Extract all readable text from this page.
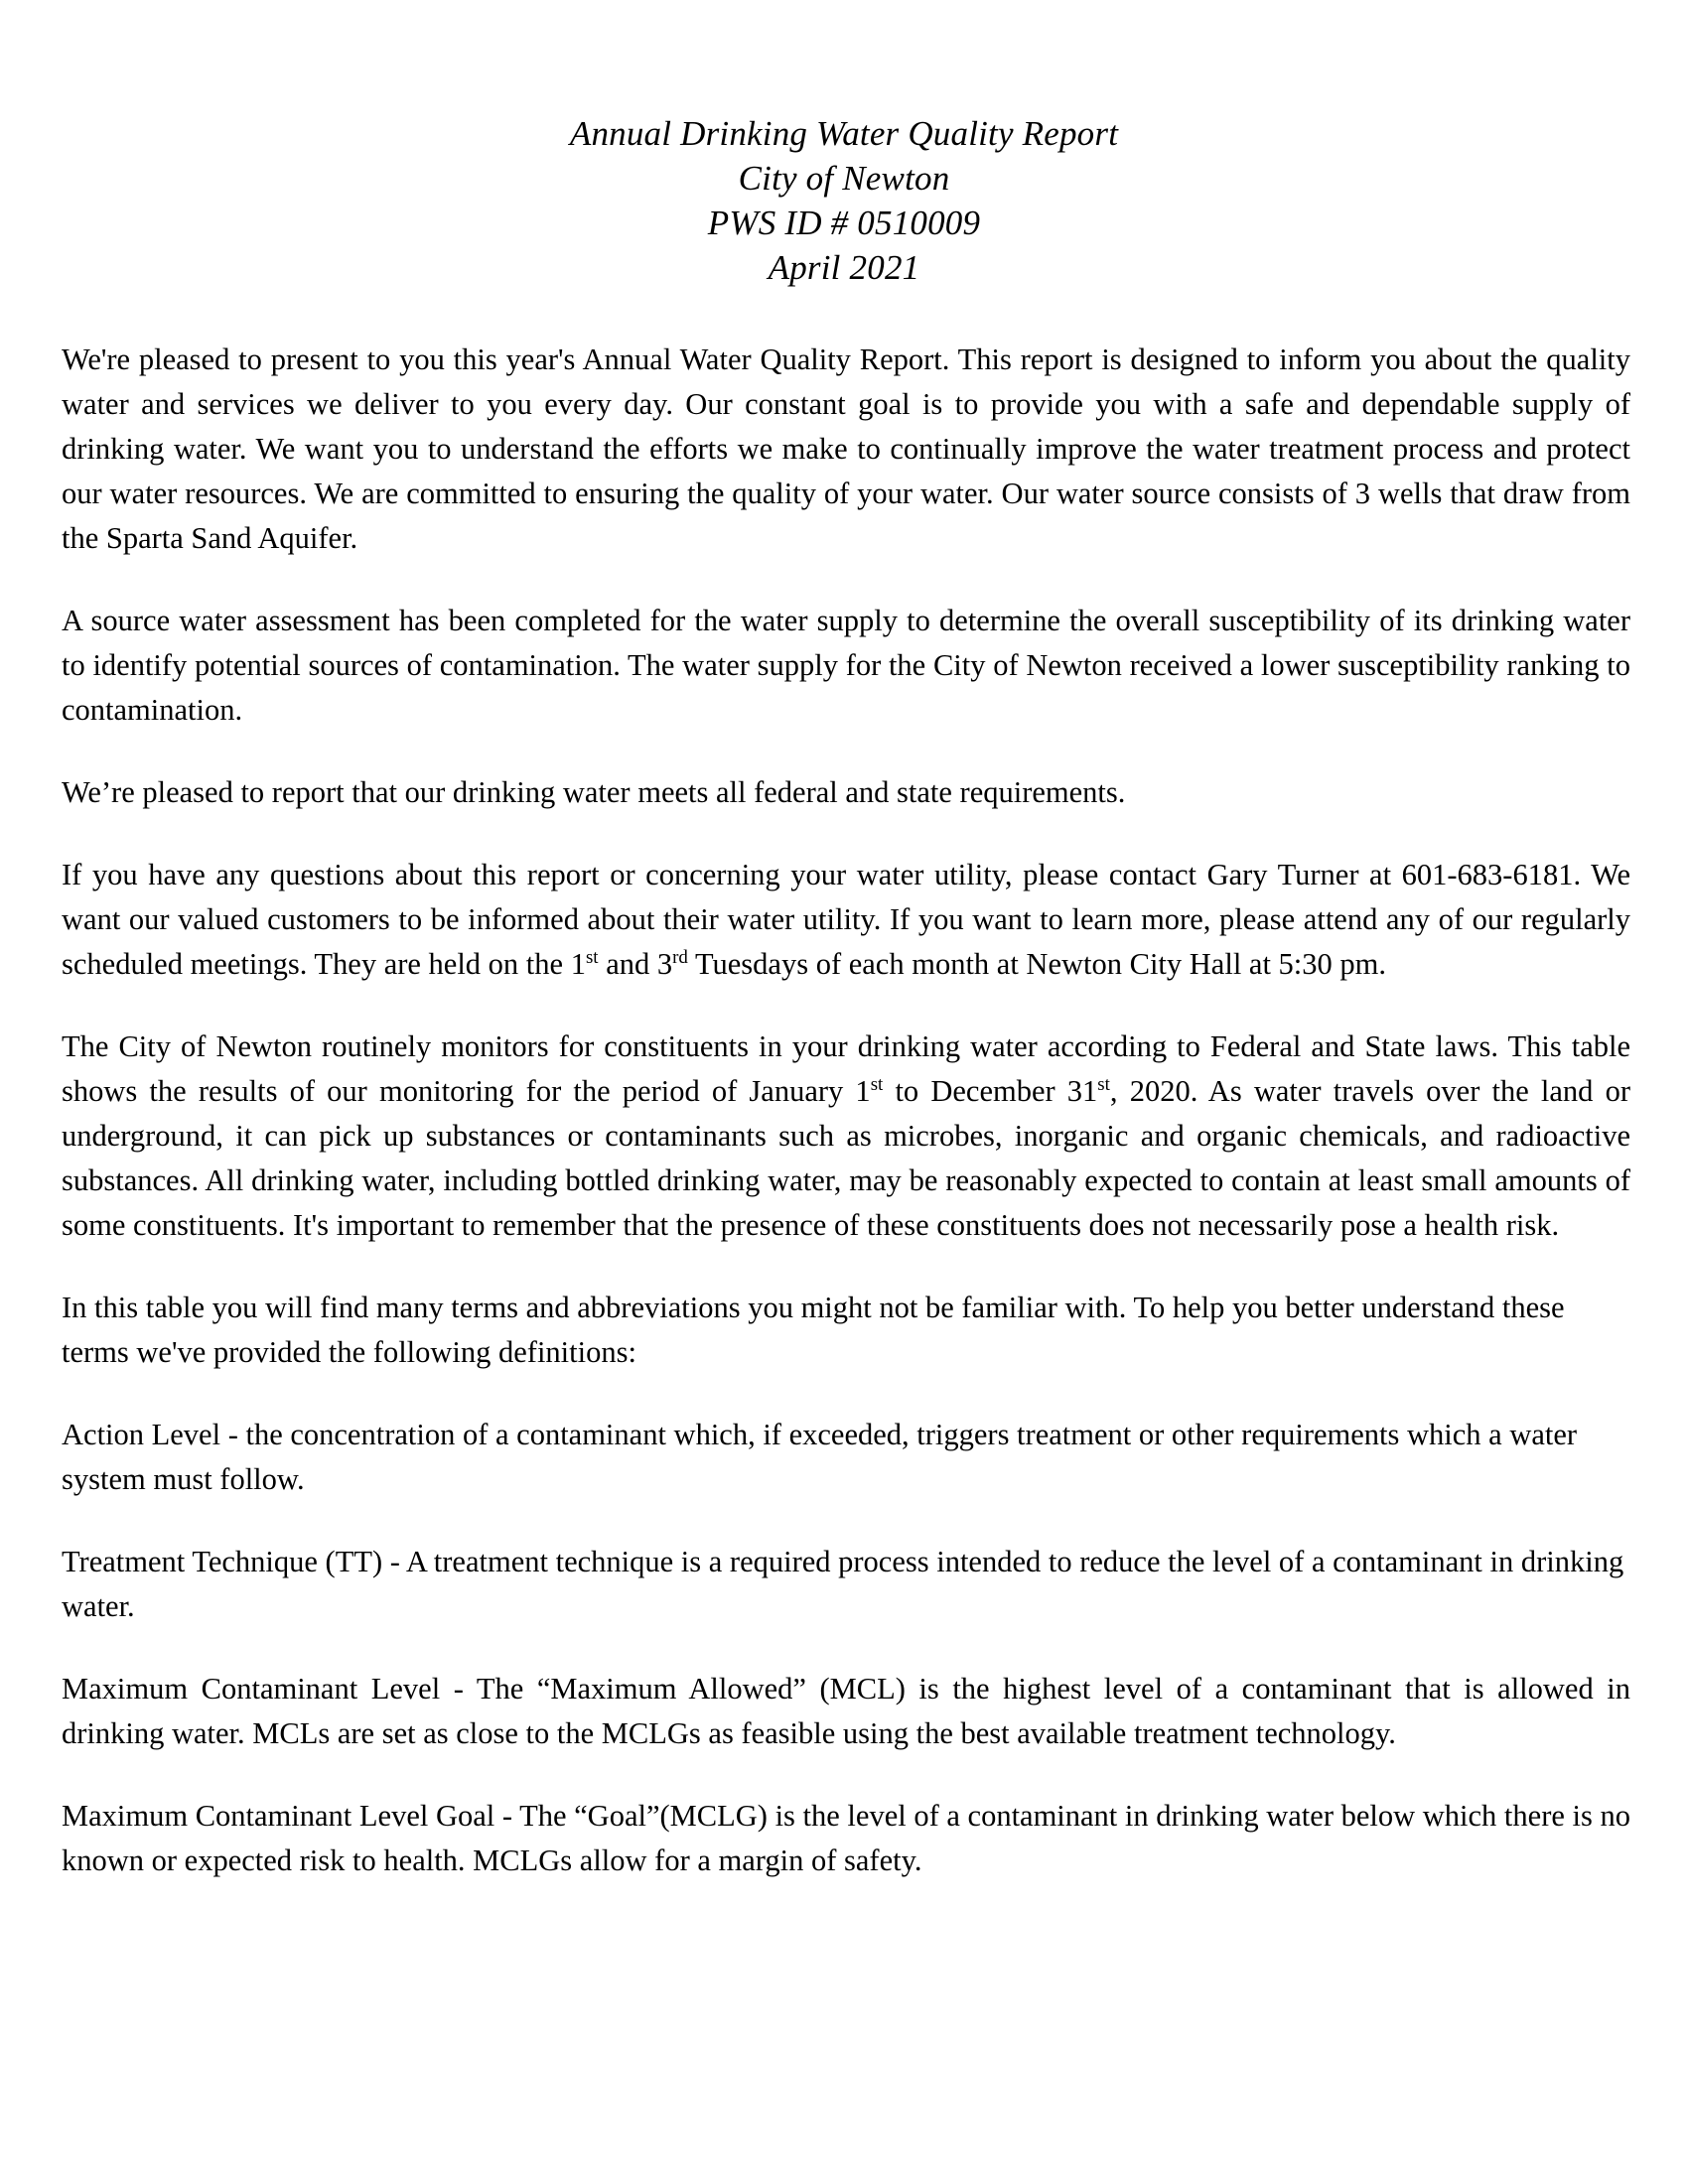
Annual Drinking Water Quality Report
City of Newton
PWS ID # 0510009
April 2021

We're pleased to present to you this year's Annual Water Quality Report. This report is designed to inform you about the quality water and services we deliver to you every day. Our constant goal is to provide you with a safe and dependable supply of drinking water. We want you to understand the efforts we make to continually improve the water treatment process and protect our water resources. We are committed to ensuring the quality of your water. Our water source consists of 3 wells that draw from the Sparta Sand Aquifer.

A source water assessment has been completed for the water supply to determine the overall susceptibility of its drinking water to identify potential sources of contamination. The water supply for the City of Newton received a lower susceptibility ranking to contamination.

We’re pleased to report that our drinking water meets all federal and state requirements.

If you have any questions about this report or concerning your water utility, please contact Gary Turner at 601-683-6181. We want our valued customers to be informed about their water utility. If you want to learn more, please attend any of our regularly scheduled meetings. They are held on the 1st and 3rd Tuesdays of each month at Newton City Hall at 5:30 pm.

The City of Newton routinely monitors for constituents in your drinking water according to Federal and State laws. This table shows the results of our monitoring for the period of January 1st to December 31st, 2020. As water travels over the land or underground, it can pick up substances or contaminants such as microbes, inorganic and organic chemicals, and radioactive substances. All drinking water, including bottled drinking water, may be reasonably expected to contain at least small amounts of some constituents. It's important to remember that the presence of these constituents does not necessarily pose a health risk.

In this table you will find many terms and abbreviations you might not be familiar with. To help you better understand these terms we've provided the following definitions:

Action Level - the concentration of a contaminant which, if exceeded, triggers treatment or other requirements which a water system must follow.

Treatment Technique (TT) - A treatment technique is a required process intended to reduce the level of a contaminant in drinking water.

Maximum Contaminant Level - The “Maximum Allowed” (MCL) is the highest level of a contaminant that is allowed in drinking water. MCLs are set as close to the MCLGs as feasible using the best available treatment technology.

Maximum Contaminant Level Goal - The “Goal”(MCLG) is the level of a contaminant in drinking water below which there is no known or expected risk to health. MCLGs allow for a margin of safety.
